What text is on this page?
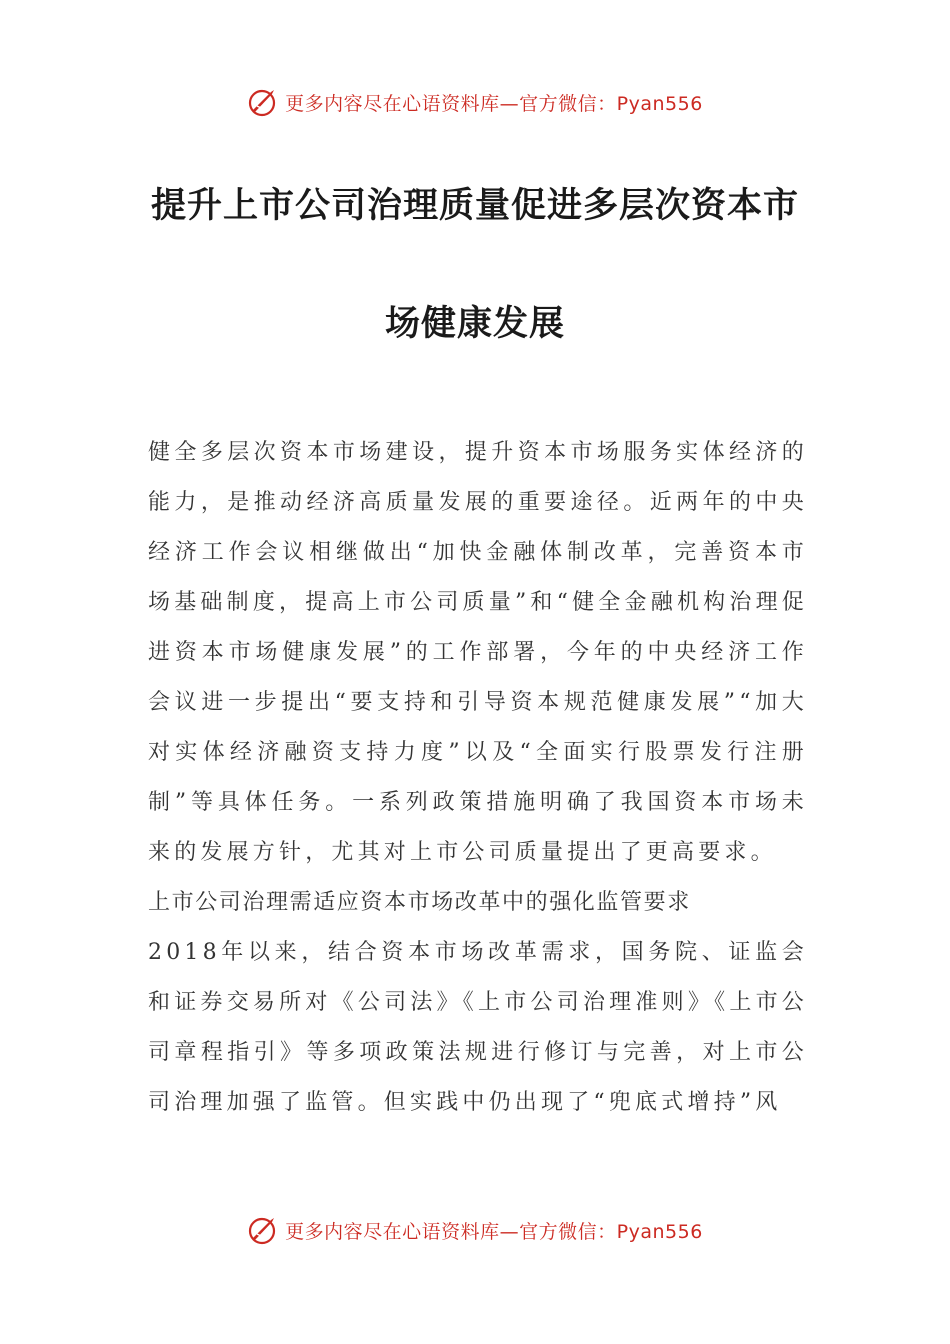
更多内容尽在心语资料库—官方微信：Pyan556
提升上市公司治理质量促进多层次资本市
场健康发展

健全多层次资本市场建设，提升资本市场服务实体经济的能力，是推动经济高质量发展的重要途径。近两年的中央经济工作会议相继做出“加快金融体制改革，完善资本市场基础制度，提高上市公司质量”和“健全金融机构治理促进资本市场健康发展”的工作部署，今年的中央经济工作会议进一步提出“要支持和引导资本规范健康发展”“加大对实体经济融资支持力度”以及“全面实行股票发行注册制”等具体任务。一系列政策措施明确了我国资本市场未来的发展方针，尤其对上市公司质量提出了更高要求。

上市公司治理需适应资本市场改革中的强化监管要求

2018年以来，结合资本市场改革需求，国务院、证监会和证券交易所对《公司法》《上市公司治理准则》《上市公司章程指引》等多项政策法规进行修订与完善，对上市公司治理加强了监管。但实践中仍出现了“兜底式增持”风

更多内容尽在心语资料库—官方微信：Pyan556
